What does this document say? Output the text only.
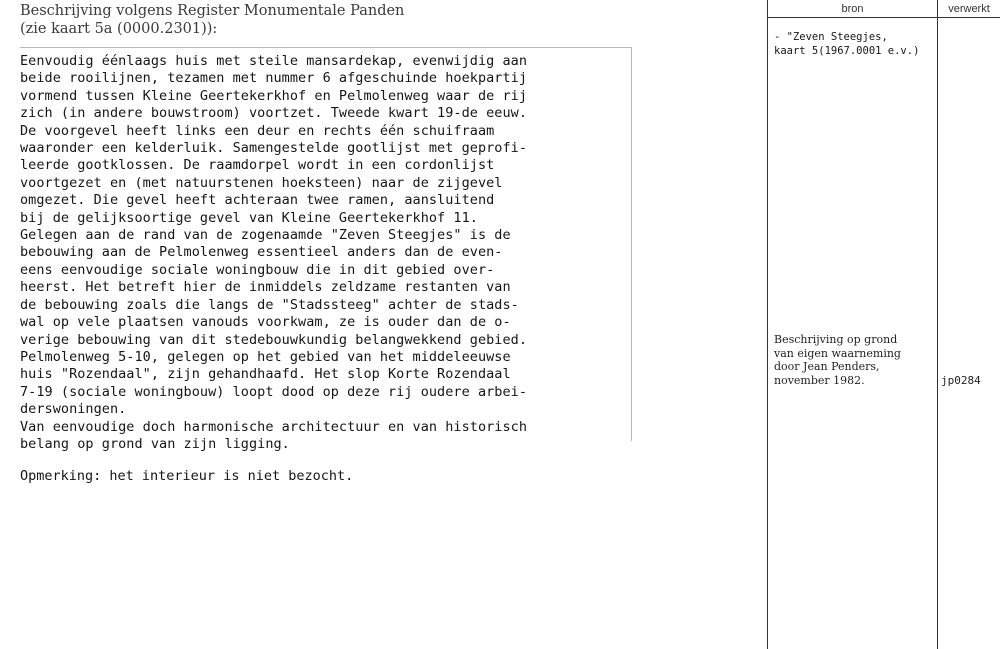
Beschrijving volgens Register Monumentale Panden
(zie kaart 5a (0000.2301)):
Eenvoudig éénlaags huis met steile mansardekap, evenwijdig aan
beide rooilijnen, tezamen met nummer 6 afgeschuinde hoekpartij
vormend tussen Kleine Geertekerkhof en Pelmolenweg waar de rij
zich (in andere bouwstroom) voortzet. Tweede kwart 19-de eeuw.
De voorgevel heeft links een deur en rechts één schuifraam
waaronder een kelderluik. Samengestelde gootlijst met geprofi-
leerde gootklossen. De raamdorpel wordt in een cordonlijst
voortgezet en (met natuurstenen hoeksteen) naar de zijgevel
omgezet. Die gevel heeft achteraan twee ramen, aansluitend
bij de gelijksoortige gevel van Kleine Geertekerkhof 11.
Gelegen aan de rand van de zogenaamde "Zeven Steegjes" is de
bebouwing aan de Pelmolenweg essentieel anders dan de even-
eens eenvoudige sociale woningbouw die in dit gebied over-
heerst. Het betreft hier de inmiddels zeldzame restanten van
de bebouwing zoals die langs de "Stadssteeg" achter de stads-
wal op vele plaatsen vanouds voorkwam, ze is ouder dan de o-
verige bebouwing van dit stedebouwkundig belangwekkend gebied.
Pelmolenweg 5-10, gelegen op het gebied van het middeleeuwse
huis "Rozendaal", zijn gehandhaafd. Het slop Korte Rozendaal
7-19 (sociale woningbouw) loopt dood op deze rij oudere arbei-
derswoningen.
Van eenvoudige doch harmonische architectuur en van historisch
belang op grond van zijn ligging.
Opmerking: het interieur is niet bezocht.
bron	verwerkt
- "Zeven Steegjes,
kaart 5(1967.0001 e.v.)
Beschrijving op grond
van eigen waarneming
door Jean Penders,
november 1982.	jp0284
